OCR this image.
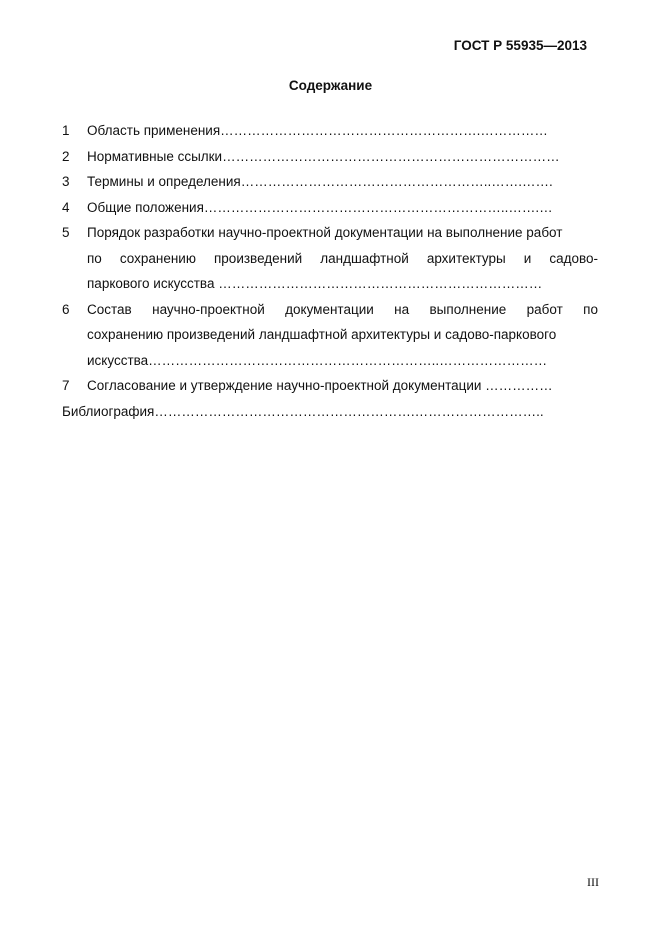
ГОСТ Р 55935—2013
Содержание
1	Область применения………………………………………………….……………
2	Нормативные ссылки…………………………………………………………………
3	Термины и определения………………………………………………..…….…….
4	Общие положения…………………………………………………………..…….…
5	Порядок разработки научно-проектной документации на выполнение работ
по сохранению произведений ландшафтной архитектуры и садово-
паркового искусства ………………………………………………………………
6	Состав научно-проектной документации на выполнение работ по
сохранению произведений ландшафтной архитектуры и садово-паркового
искусства………………………………………………………..……………………
7	Согласование и утверждение научно-проектной документации ……………
Библиография………………………………………………….………………………..
III
